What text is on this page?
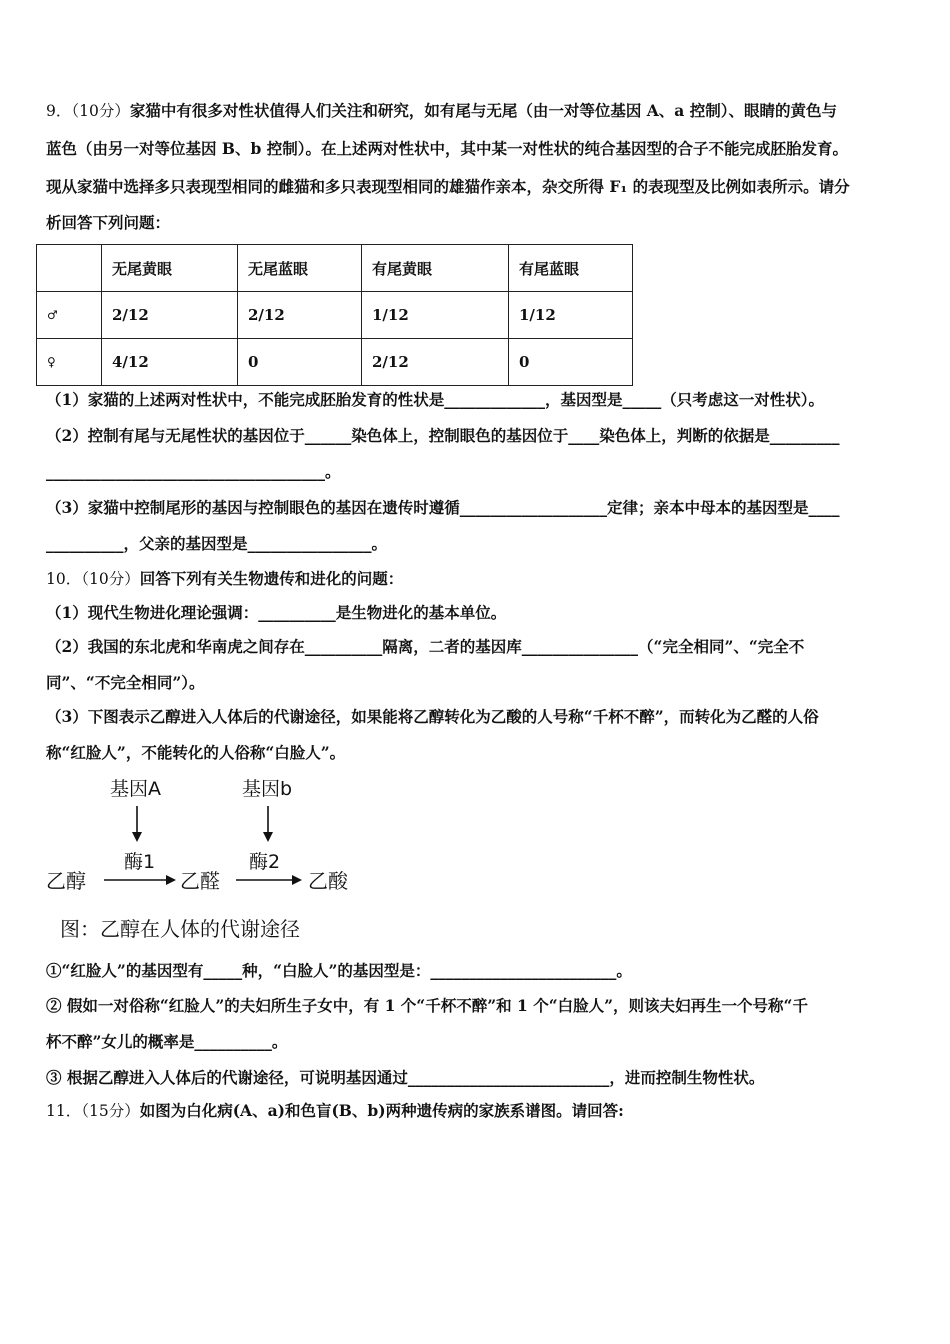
9．（10分）家猫中有很多对性状值得人们关注和研究，如有尾与无尾（由一对等位基因 A、a 控制）、眼睛的黄色与
蓝色（由另一对等位基因 B、b 控制）。在上述两对性状中，其中某一对性状的纯合基因型的合子不能完成胚胎发育。
现从家猫中选择多只表现型相同的雌猫和多只表现型相同的雄猫作亲本，杂交所得 F₁ 的表现型及比例如表所示。请分
析回答下列问题：
	无尾黄眼	无尾蓝眼	有尾黄眼	有尾蓝眼
♂	2/12	2/12	1/12	1/12
♀	4/12	0	2/12	0
（1）家猫的上述两对性状中，不能完成胚胎发育的性状是_____________，基因型是_____（只考虑这一对性状）。
（2）控制有尾与无尾性状的基因位于______染色体上，控制眼色的基因位于____染色体上，判断的依据是_________
____________________________________。
（3）家猫中控制尾形的基因与控制眼色的基因在遗传时遵循___________________定律；亲本中母本的基因型是____
__________，父亲的基因型是________________。
10．（10分）回答下列有关生物遗传和进化的问题：
（1）现代生物进化理论强调：__________是生物进化的基本单位。
（2）我国的东北虎和华南虎之间存在__________隔离，二者的基因库_______________（“完全相同”、“完全不
同”、“不完全相同”）。
（3）下图表示乙醇进入人体后的代谢途径，如果能将乙醇转化为乙酸的人号称“千杯不醉”，而转化为乙醛的人俗
称“红脸人”，不能转化的人俗称“白脸人”。
基因A	基因b
酶1	酶2
乙醇	乙醛	乙酸
图：乙醇在人体的代谢途径
①“红脸人”的基因型有_____种，“白脸人”的基因型是：________________________。
② 假如一对俗称“红脸人”的夫妇所生子女中，有 1 个“千杯不醉”和 1 个“白脸人”，则该夫妇再生一个号称“千
杯不醉”女儿的概率是__________。
③ 根据乙醇进入人体后的代谢途径，可说明基因通过__________________________，进而控制生物性状。
11．（15分）如图为白化病(A、a)和色盲(B、b)两种遗传病的家族系谱图。请回答:
